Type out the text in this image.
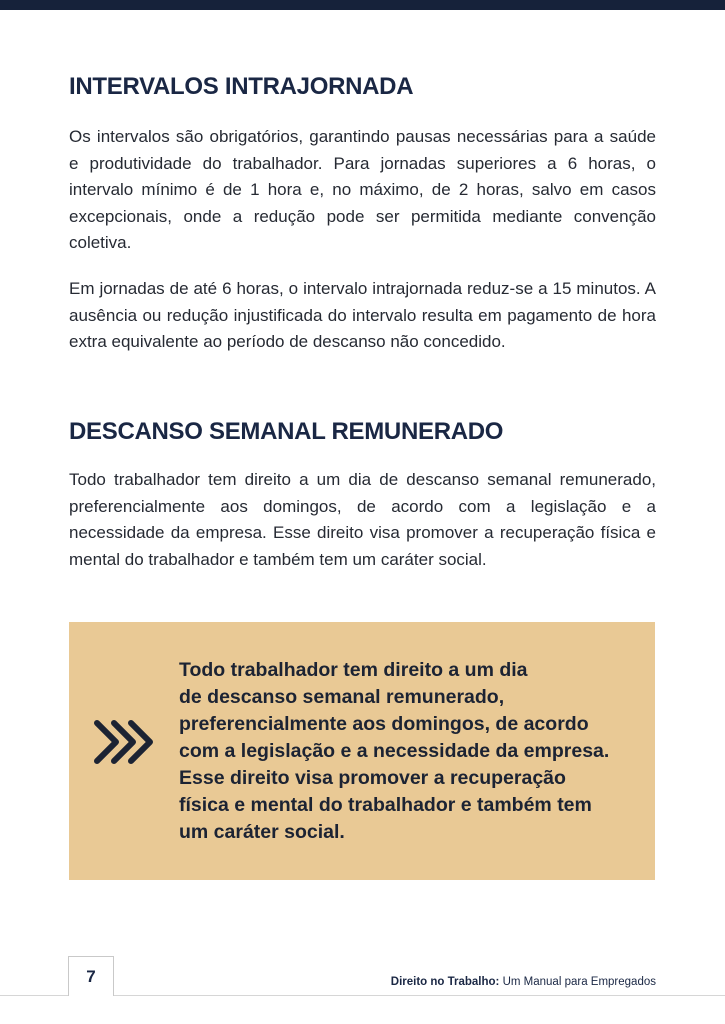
INTERVALOS INTRAJORNADA

Os intervalos são obrigatórios, garantindo pausas necessárias para a saúde e produtividade do trabalhador. Para jornadas superiores a 6 horas, o intervalo mínimo é de 1 hora e, no máximo, de 2 horas, salvo em casos excepcionais, onde a redução pode ser permitida mediante convenção coletiva.

Em jornadas de até 6 horas, o intervalo intrajornada reduz-se a 15 minutos. A ausência ou redução injustificada do intervalo resulta em pagamento de hora extra equivalente ao período de descanso não concedido.

DESCANSO SEMANAL REMUNERADO

Todo trabalhador tem direito a um dia de descanso semanal remunerado, preferencialmente aos domingos, de acordo com a legislação e a necessidade da empresa. Esse direito visa promover a recuperação física e mental do trabalhador e também tem um caráter social.

Todo trabalhador tem direito a um dia
de descanso semanal remunerado,
preferencialmente aos domingos, de acordo
com a legislação e a necessidade da empresa.
Esse direito visa promover a recuperação
física e mental do trabalhador e também tem
um caráter social.

7	Direito no Trabalho: Um Manual para Empregados
